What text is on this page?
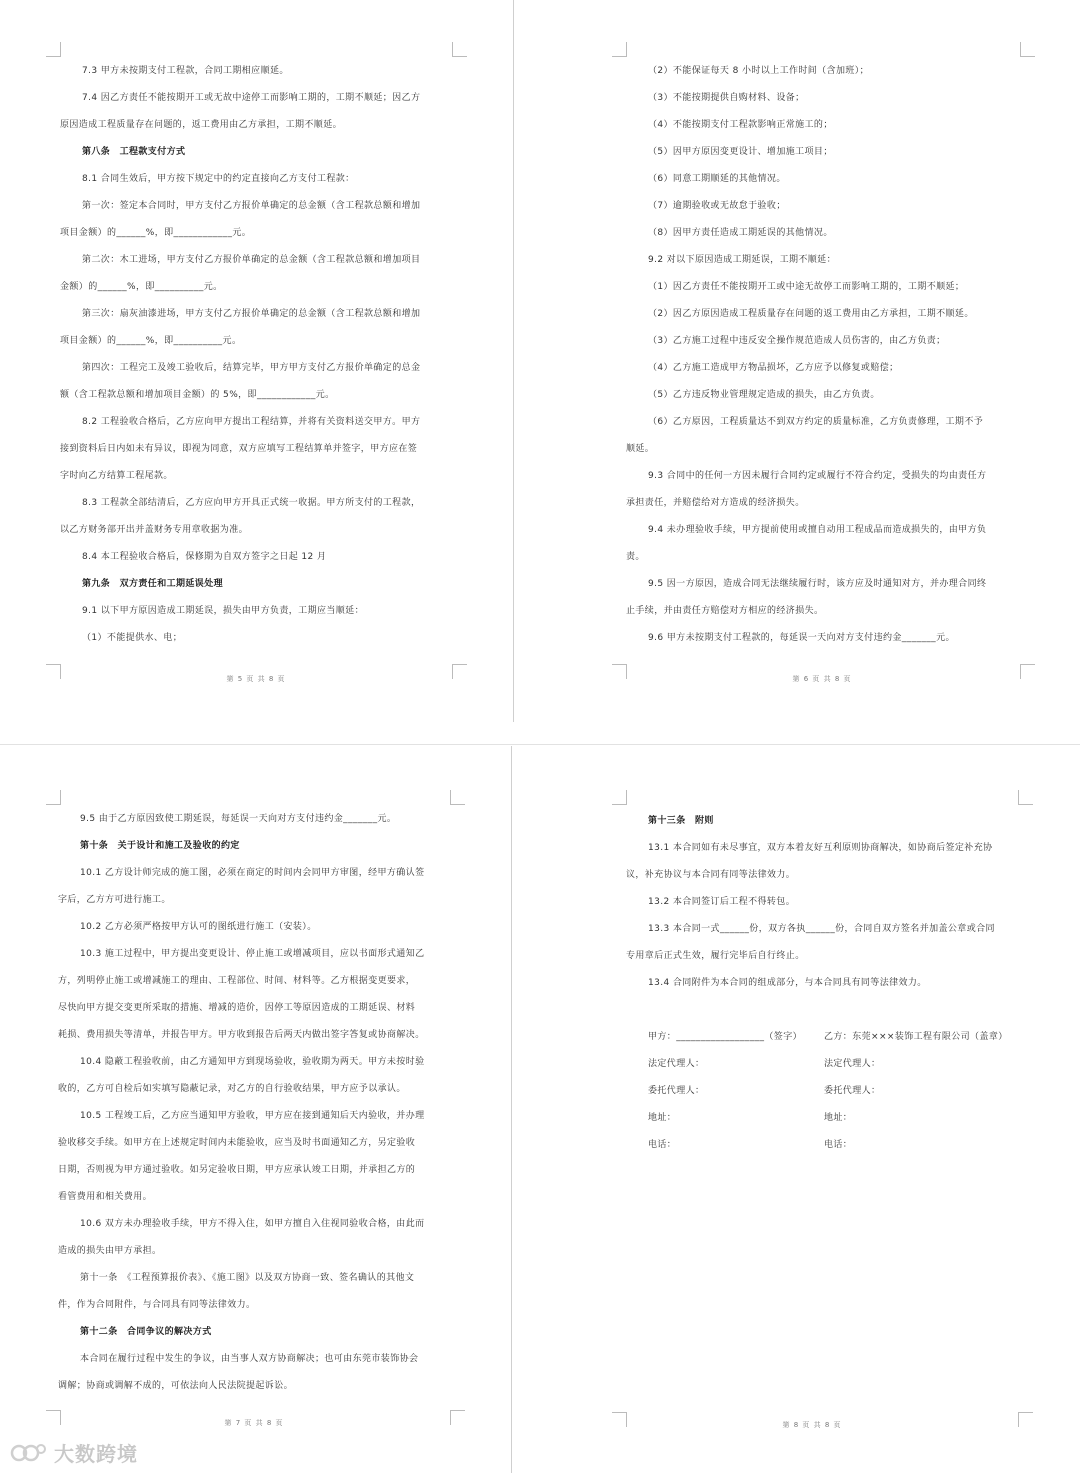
7.3 甲方未按期支付工程款，合同工期相应顺延。
7.4 因乙方责任不能按期开工或无故中途停工而影响工期的，工期不顺延；因乙方
原因造成工程质量存在问题的，返工费用由乙方承担，工期不顺延。
第八条　工程款支付方式
8.1 合同生效后，甲方按下规定中的约定直接向乙方支付工程款：
第一次：签定本合同时，甲方支付乙方报价单确定的总金额（含工程款总额和增加
项目金额）的______%，即____________元。
第二次：木工进场，甲方支付乙方报价单确定的总金额（含工程款总额和增加项目
金额）的______%，即__________元。
第三次：扇灰油漆进场，甲方支付乙方报价单确定的总金额（含工程款总额和增加
项目金额）的______%，即__________元。
第四次：工程完工及竣工验收后，结算完毕，甲方甲方支付乙方报价单确定的总金
额（含工程款总额和增加项目金额）的 5%，即____________元。
8.2 工程验收合格后，乙方应向甲方提出工程结算，并将有关资料送交甲方。甲方
接到资料后日内如未有异议，即视为同意，双方应填写工程结算单并签字，甲方应在签
字时向乙方结算工程尾款。
8.3 工程款全部结清后，乙方应向甲方开具正式统一收据。甲方所支付的工程款，
以乙方财务部开出并盖财务专用章收据为准。
8.4 本工程验收合格后，保修期为自双方签字之日起 12 月
第九条　双方责任和工期延误处理
9.1 以下甲方原因造成工期延误，损失由甲方负责，工期应当顺延：
（1）不能提供水、电；
第 5 页 共 8 页
（2）不能保证每天 8 小时以上工作时间（含加班）；
（3）不能按期提供自购材料、设备；
（4）不能按期支付工程款影响正常施工的；
（5）因甲方原因变更设计、增加施工项目；
（6）同意工期顺延的其他情况。
（7）逾期验收或无故怠于验收；
（8）因甲方责任造成工期延误的其他情况。
9.2 对以下原因造成工期延误，工期不顺延：
（1）因乙方责任不能按期开工或中途无故停工而影响工期的，工期不顺延；
（2）因乙方原因造成工程质量存在问题的返工费用由乙方承担，工期不顺延。
（3）乙方施工过程中违反安全操作规范造成人员伤害的，由乙方负责；
（4）乙方施工造成甲方物品损坏，乙方应予以修复或赔偿；
（5）乙方违反物业管理规定造成的损失，由乙方负责。
（6）乙方原因，工程质量达不到双方约定的质量标准，乙方负责修理，工期不予
顺延。
9.3 合同中的任何一方因未履行合同约定或履行不符合约定，受损失的均由责任方
承担责任，并赔偿给对方造成的经济损失。
9.4 未办理验收手续，甲方提前使用或擅自动用工程成品而造成损失的，由甲方负
责。
9.5 因一方原因，造成合同无法继续履行时，该方应及时通知对方，并办理合同终
止手续，并由责任方赔偿对方相应的经济损失。
9.6 甲方未按期支付工程款的，每延误一天向对方支付违约金_______元。
第 6 页 共 8 页
9.5 由于乙方原因致使工期延误，每延误一天向对方支付违约金_______元。
第十条　关于设计和施工及验收的约定
10.1 乙方设计师完成的施工图，必须在商定的时间内会同甲方审图，经甲方确认签
字后，乙方方可进行施工。
10.2 乙方必须严格按甲方认可的图纸进行施工（安装）。
10.3 施工过程中，甲方提出变更设计、停止施工或增减项目，应以书面形式通知乙
方，列明停止施工或增减施工的理由、工程部位、时间、材料等。乙方根据变更要求，
尽快向甲方提交变更所采取的措施、增减的造价，因停工等原因造成的工期延误、材料
耗损、费用损失等清单，并报告甲方。甲方收到报告后两天内做出签字答复或协商解决。
10.4 隐蔽工程验收前，由乙方通知甲方到现场验收，验收期为两天。甲方未按时验
收的，乙方可自检后如实填写隐蔽记录，对乙方的自行验收结果，甲方应予以承认。
10.5 工程竣工后，乙方应当通知甲方验收，甲方应在接到通知后天内验收，并办理
验收移交手续。如甲方在上述规定时间内未能验收，应当及时书面通知乙方，另定验收
日期，否则视为甲方通过验收。如另定验收日期，甲方应承认竣工日期，并承担乙方的
看管费用和相关费用。
10.6 双方未办理验收手续，甲方不得入住，如甲方擅自入住视同验收合格，由此而
造成的损失由甲方承担。
第十一条　《工程预算报价表》、《施工图》以及双方协商一致、签名确认的其他文
件，作为合同附件，与合同具有同等法律效力。
第十二条　合同争议的解决方式
本合同在履行过程中发生的争议，由当事人双方协商解决；也可由东莞市装饰协会
调解；协商或调解不成的，可依法向人民法院提起诉讼。
第 7 页 共 8 页
第十三条　附则
13.1 本合同如有未尽事宜，双方本着友好互利原则协商解决，如协商后签定补充协
议，补充协议与本合同有同等法律效力。
13.2 本合同签订后工程不得转包。
13.3 本合同一式______份，双方各执______份，合同自双方签名并加盖公章或合同
专用章后正式生效，履行完毕后自行终止。
13.4 合同附件为本合同的组成部分，与本合同具有同等法律效力。
甲方：__________________（签字）	乙方：东莞×××装饰工程有限公司（盖章）
法定代理人：	法定代理人：
委托代理人：	委托代理人：
地址：	地址：
电话：	电话：
第 8 页 共 8 页
大数跨境
